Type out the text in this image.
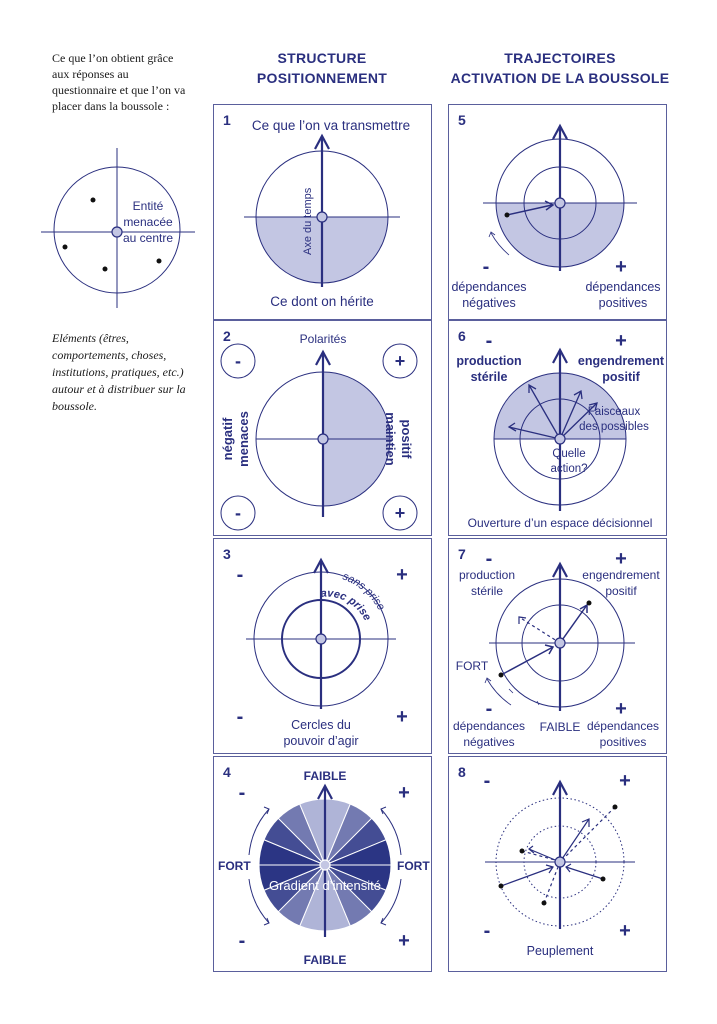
Ce que l’on obtient grâce aux réponses au questionnaire et que l’on va placer dans la boussole :
Entité
menacée
au centre
Eléments (êtres, comportements, choses, institutions, pratiques, etc.) autour et à distribuer sur la boussole.
STRUCTURE
POSITIONNEMENT
TRAJECTOIRES
ACTIVATION DE LA BOUSSOLE
1 Ce que l’on va transmettre
Axe du temps
Ce dont on hérite
2	Polarités
-	+
-	+
négatif menaces	positif
maintien
3
-	+
-	+
sans prise
avec prise
Cercles du
pouvoir d’agir
4	FAIBLE
FAIBLE
FORT	FORT
-	+
-	+
Gradient d’intensité
5
-	+
dépendances
négatives
dépendances
positives
6 -	+
production
stérile
engendrement
positif
Faisceaux
des possibles
Quelle
action?
Ouverture d’un espace décisionnel
7 -	+
production
stérile
engendrement
positif
FORT
FAIBLE
-	+
dépendances
négatives
dépendances
positives
8 -	+
-	+
Peuplement
